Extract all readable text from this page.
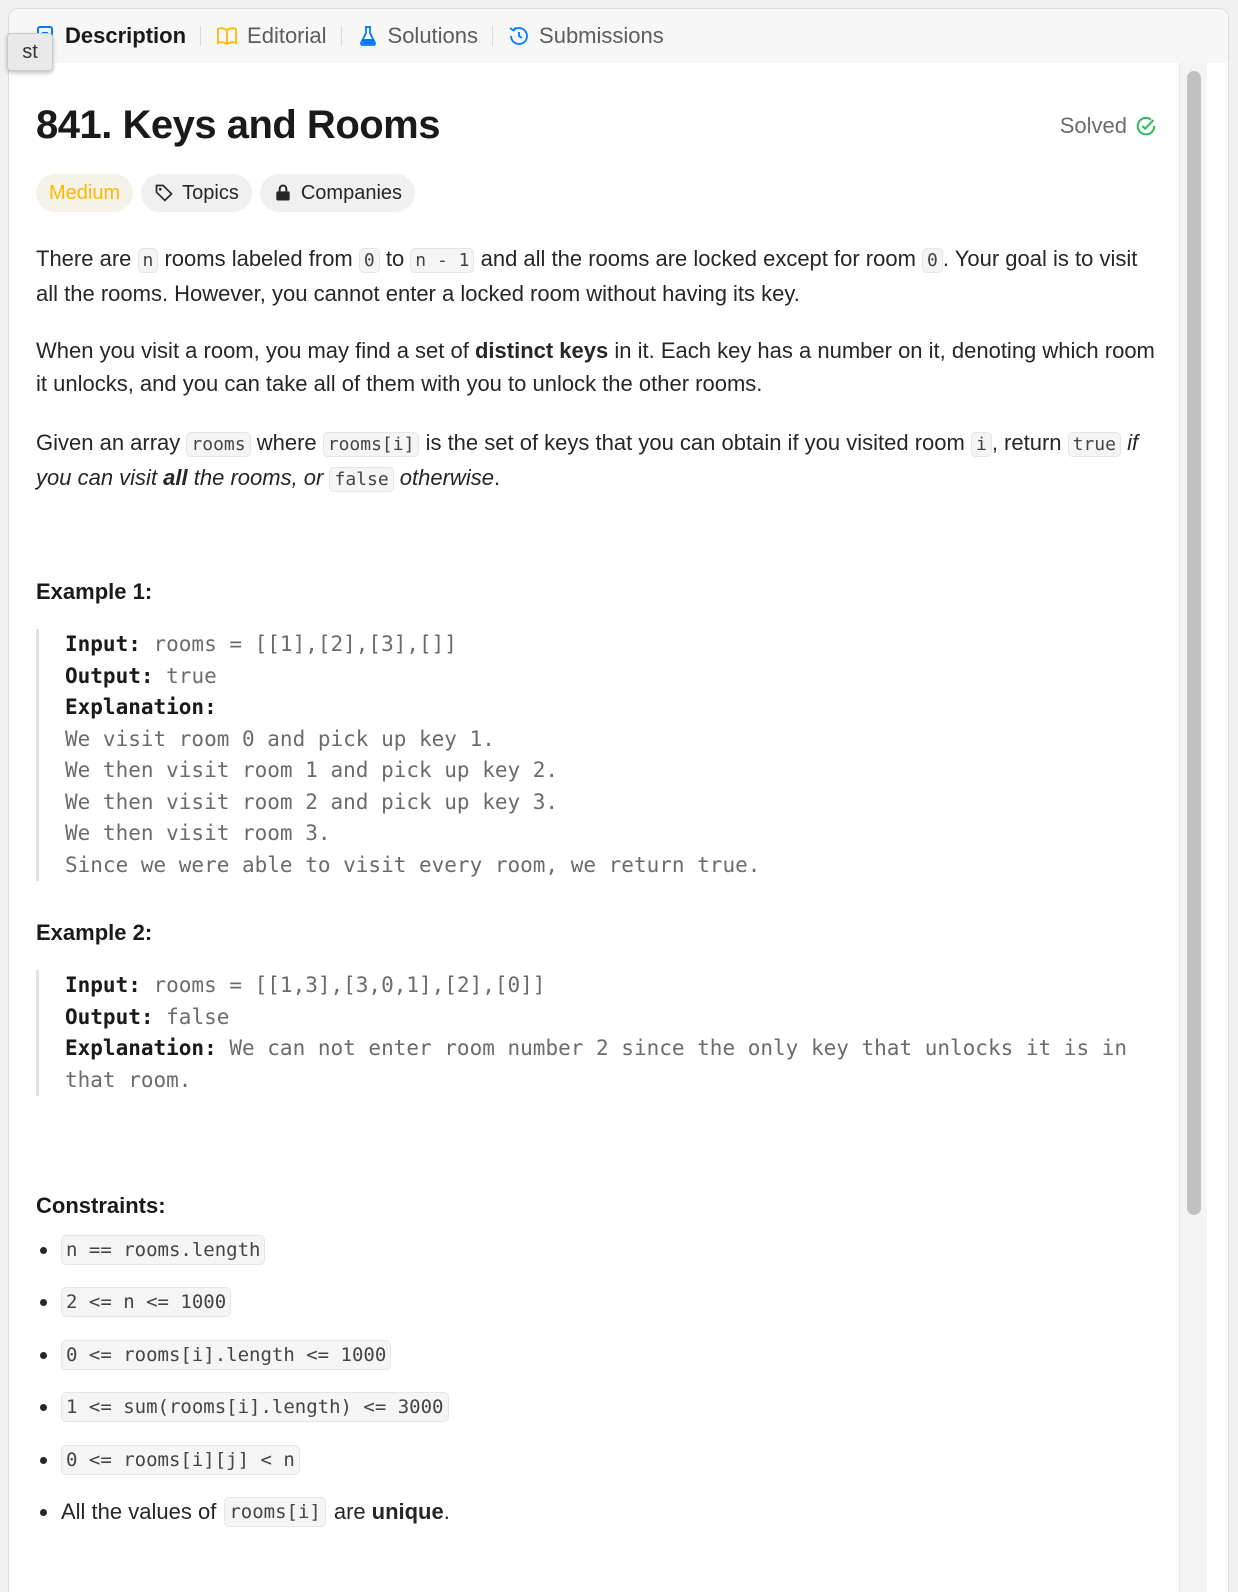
Description	Editorial	Solutions	Submissions
841. Keys and Rooms	Solved
Medium	Topics	Companies

There are n rooms labeled from 0 to n - 1 and all the rooms are locked except for room 0 . Your goal is to visit all the rooms. However, you cannot enter a locked room without having its key.

When you visit a room, you may find a set of distinct keys in it. Each key has a number on it, denoting which room it unlocks, and you can take all of them with you to unlock the other rooms.

Given an array rooms where rooms[i] is the set of keys that you can obtain if you visited room i , return true if you can visit all the rooms, or false otherwise.

Example 1:
Input: rooms = [[1],[2],[3],[]]
Output: true
Explanation:
We visit room 0 and pick up key 1.
We then visit room 1 and pick up key 2.
We then visit room 2 and pick up key 3.
We then visit room 3.
Since we were able to visit every room, we return true.
Example 2:
Input: rooms = [[1,3],[3,0,1],[2],[0]]
Output: false
Explanation: We can not enter room number 2 since the only key that unlocks it is in that room.
Constraints:
n == rooms.length
2 <= n <= 1000
0 <= rooms[i].length <= 1000
1 <= sum(rooms[i].length) <= 3000
0 <= rooms[i][j] < n
All the values of rooms[i] are unique .
st
